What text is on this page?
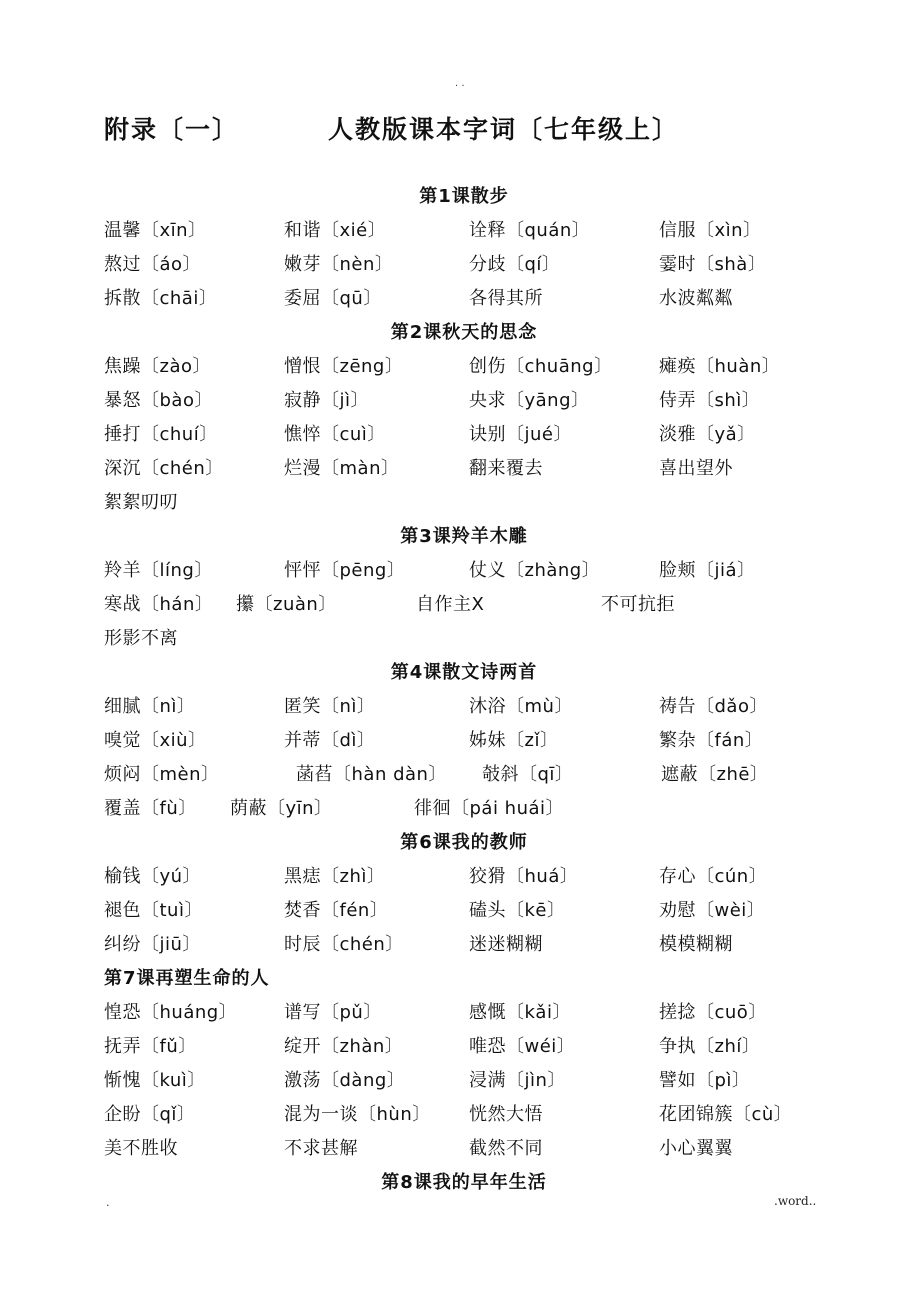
. .
附录〔一〕	人教版课本字词〔七年级上〕
第1课散步
温馨〔xīn〕	和谐〔xié〕	诠释〔quán〕	信服〔xìn〕
熬过〔áo〕	嫩芽〔nèn〕	分歧〔qí〕	霎时〔shà〕
拆散〔chāi〕	委屈〔qū〕	各得其所	水波粼粼
第2课秋天的思念
焦躁〔zào〕	憎恨〔zēng〕	创伤〔chuāng〕	瘫痪〔huàn〕
暴怒〔bào〕	寂静〔jì〕	央求〔yāng〕	侍弄〔shì〕
捶打〔chuí〕	憔悴〔cuì〕	诀别〔jué〕	淡雅〔yǎ〕
深沉〔chén〕	烂漫〔màn〕	翻来覆去	喜出望外
絮絮叨叨
第3课羚羊木雕
羚羊〔líng〕	怦怦〔pēng〕	仗义〔zhàng〕	脸颊〔jiá〕
寒战〔hán〕 攥〔zuàn〕	自作主X	不可抗拒
形影不离
第4课散文诗两首
细腻〔nì〕	匿笑〔nì〕	沐浴〔mù〕	祷告〔dǎo〕
嗅觉〔xiù〕	并蒂〔dì〕	姊妹〔zǐ〕	繁杂〔fán〕
烦闷〔mèn〕	菡萏〔hàn dàn〕 攲斜〔qī〕	遮蔽〔zhē〕
覆盖〔fù〕 荫蔽〔yīn〕	徘徊〔pái huái〕
第6课我的教师
榆钱〔yú〕	黑痣〔zhì〕	狡猾〔huá〕	存心〔cún〕
褪色〔tuì〕	焚香〔fén〕	磕头〔kē〕	劝慰〔wèi〕
纠纷〔jiū〕	时辰〔chén〕	迷迷糊糊	模模糊糊
第7课再塑生命的人
惶恐〔huáng〕	谱写〔pǔ〕	感慨〔kǎi〕	搓捻〔cuō〕
抚弄〔fǔ〕	绽开〔zhàn〕	唯恐〔wéi〕	争执〔zhí〕
惭愧〔kuì〕	激荡〔dàng〕	浸满〔jìn〕	譬如〔pì〕
企盼〔qǐ〕	混为一谈〔hùn〕 恍然大悟	花团锦簇〔cù〕
美不胜收	不求甚解	截然不同	小心翼翼
第8课我的早年生活
.	.word..
